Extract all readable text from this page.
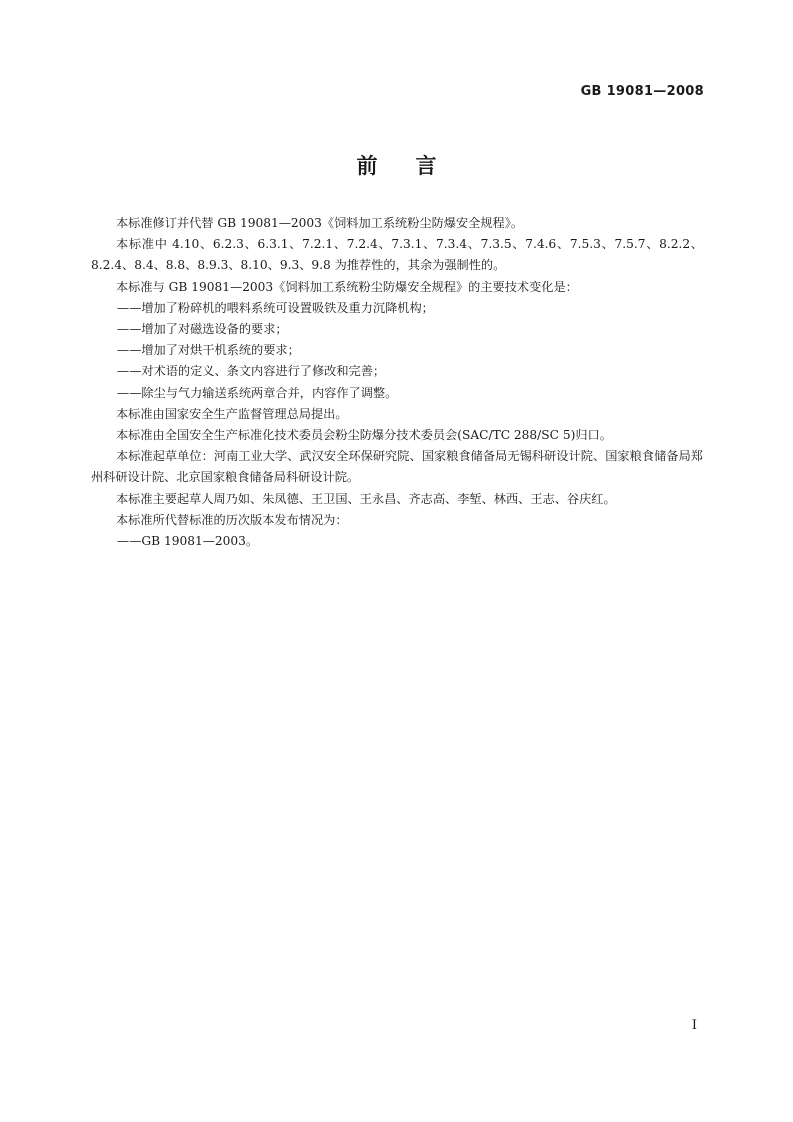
GB 19081—2008
前言

本标准修订并代替 GB 19081—2003《饲料加工系统粉尘防爆安全规程》。

本标准中 4.10、6.2.3、6.3.1、7.2.1、7.2.4、7.3.1、7.3.4、7.3.5、7.4.6、7.5.3、7.5.7、8.2.2、8.2.4、8.4、8.8、8.9.3、8.10、9.3、9.8 为推荐性的，其余为强制性的。

本标准与 GB 19081—2003《饲料加工系统粉尘防爆安全规程》的主要技术变化是：

——增加了粉碎机的喂料系统可设置吸铁及重力沉降机构；

——增加了对磁选设备的要求；

——增加了对烘干机系统的要求；

——对术语的定义、条文内容进行了修改和完善；

——除尘与气力输送系统两章合并，内容作了调整。

本标准由国家安全生产监督管理总局提出。

本标准由全国安全生产标准化技术委员会粉尘防爆分技术委员会(SAC/TC 288/SC 5)归口。

本标准起草单位：河南工业大学、武汉安全环保研究院、国家粮食储备局无锡科研设计院、国家粮食储备局郑州科研设计院、北京国家粮食储备局科研设计院。

本标准主要起草人周乃如、朱凤德、王卫国、王永昌、齐志高、李堑、林西、王志、谷庆红。

本标准所代替标准的历次版本发布情况为：

——GB 19081—2003。

I
